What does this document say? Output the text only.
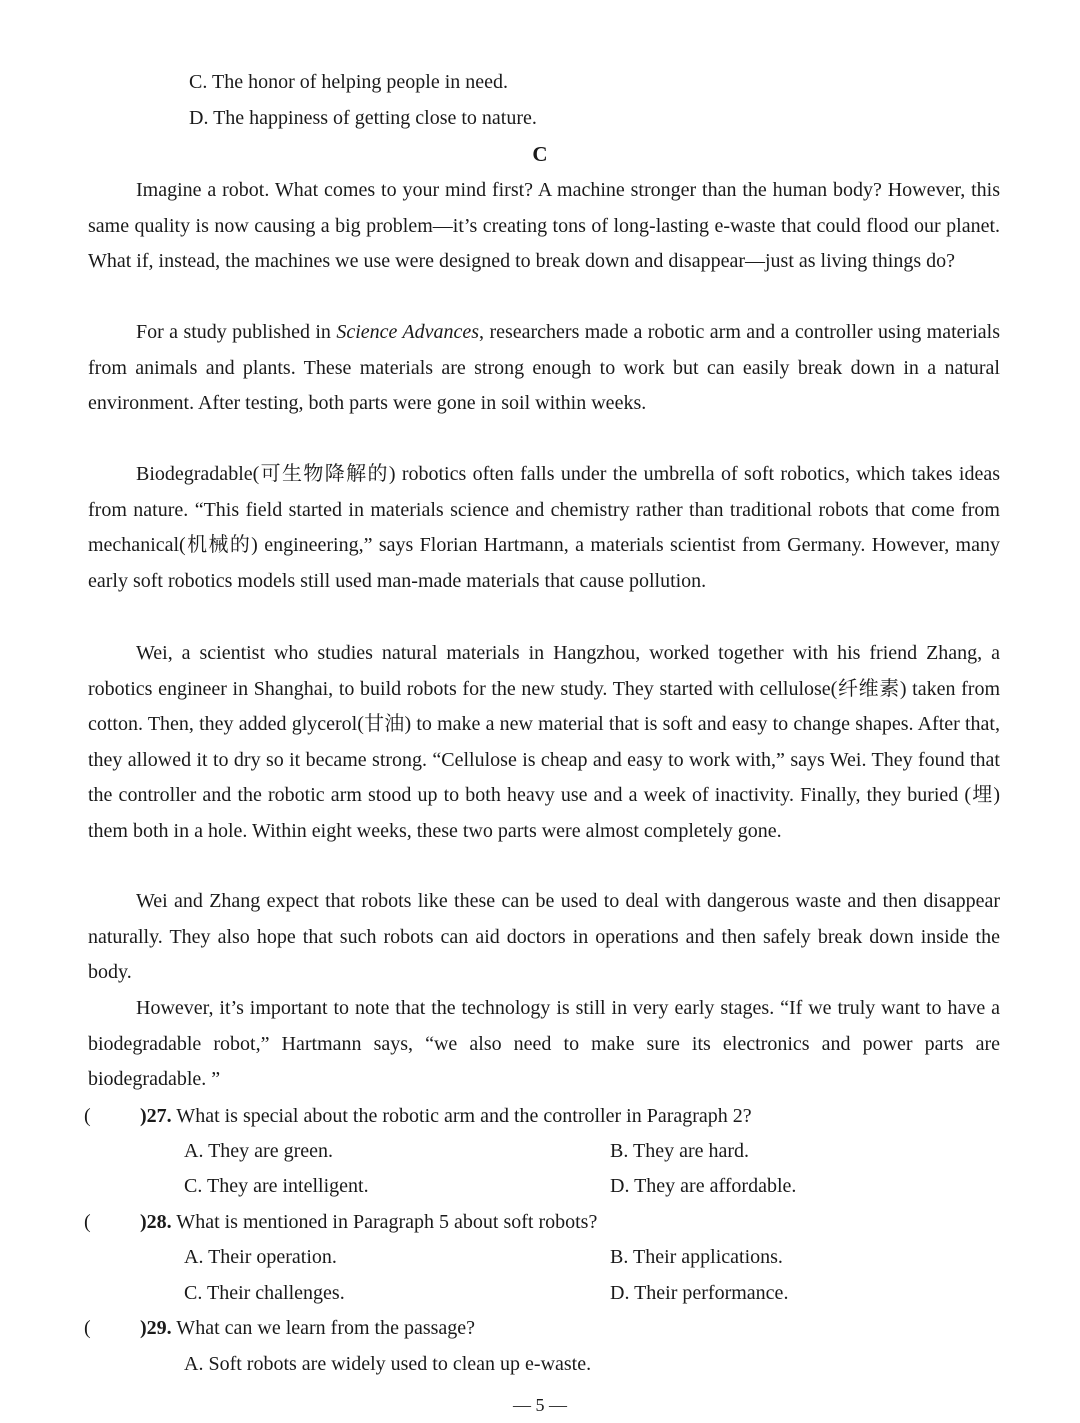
C. The honor of helping people in need.
D. The happiness of getting close to nature.
C

Imagine a robot. What comes to your mind first? A machine stronger than the human body? However, this same quality is now causing a big problem—it’s creating tons of long-lasting e-waste that could flood our planet. What if, instead, the machines we use were designed to break down and disappear—just as living things do?

For a study published in Science Advances, researchers made a robotic arm and a controller using materials from animals and plants. These materials are strong enough to work but can easily break down in a natural environment. After testing, both parts were gone in soil within weeks.

Biodegradable(可生物降解的) robotics often falls under the umbrella of soft robotics, which takes ideas from nature. “This field started in materials science and chemistry rather than traditional robots that come from mechanical(机械的) engineering,” says Florian Hartmann, a materials scientist from Germany. However, many early soft robotics models still used man-made materials that cause pollution.

Wei, a scientist who studies natural materials in Hangzhou, worked together with his friend Zhang, a robotics engineer in Shanghai, to build robots for the new study. They started with cellulose(纤维素) taken from cotton. Then, they added glycerol(甘油) to make a new material that is soft and easy to change shapes. After that, they allowed it to dry so it became strong. “Cellulose is cheap and easy to work with,” says Wei. They found that the controller and the robotic arm stood up to both heavy use and a week of inactivity. Finally, they buried (埋) them both in a hole. Within eight weeks, these two parts were almost completely gone.

Wei and Zhang expect that robots like these can be used to deal with dangerous waste and then disappear naturally. They also hope that such robots can aid doctors in operations and then safely break down inside the body.

However, it’s important to note that the technology is still in very early stages. “If we truly want to have a biodegradable robot,” Hartmann says, “we also need to make sure its electronics and power parts are biodegradable. ”

( )27. What is special about the robotic arm and the controller in Paragraph 2?
A. They are green.	B. They are hard.
C. They are intelligent.	D. They are affordable.
( )28. What is mentioned in Paragraph 5 about soft robots?
A. Their operation.	B. Their applications.
C. Their challenges.	D. Their performance.
( )29. What can we learn from the passage?
A. Soft robots are widely used to clean up e-waste.
— 5 —
